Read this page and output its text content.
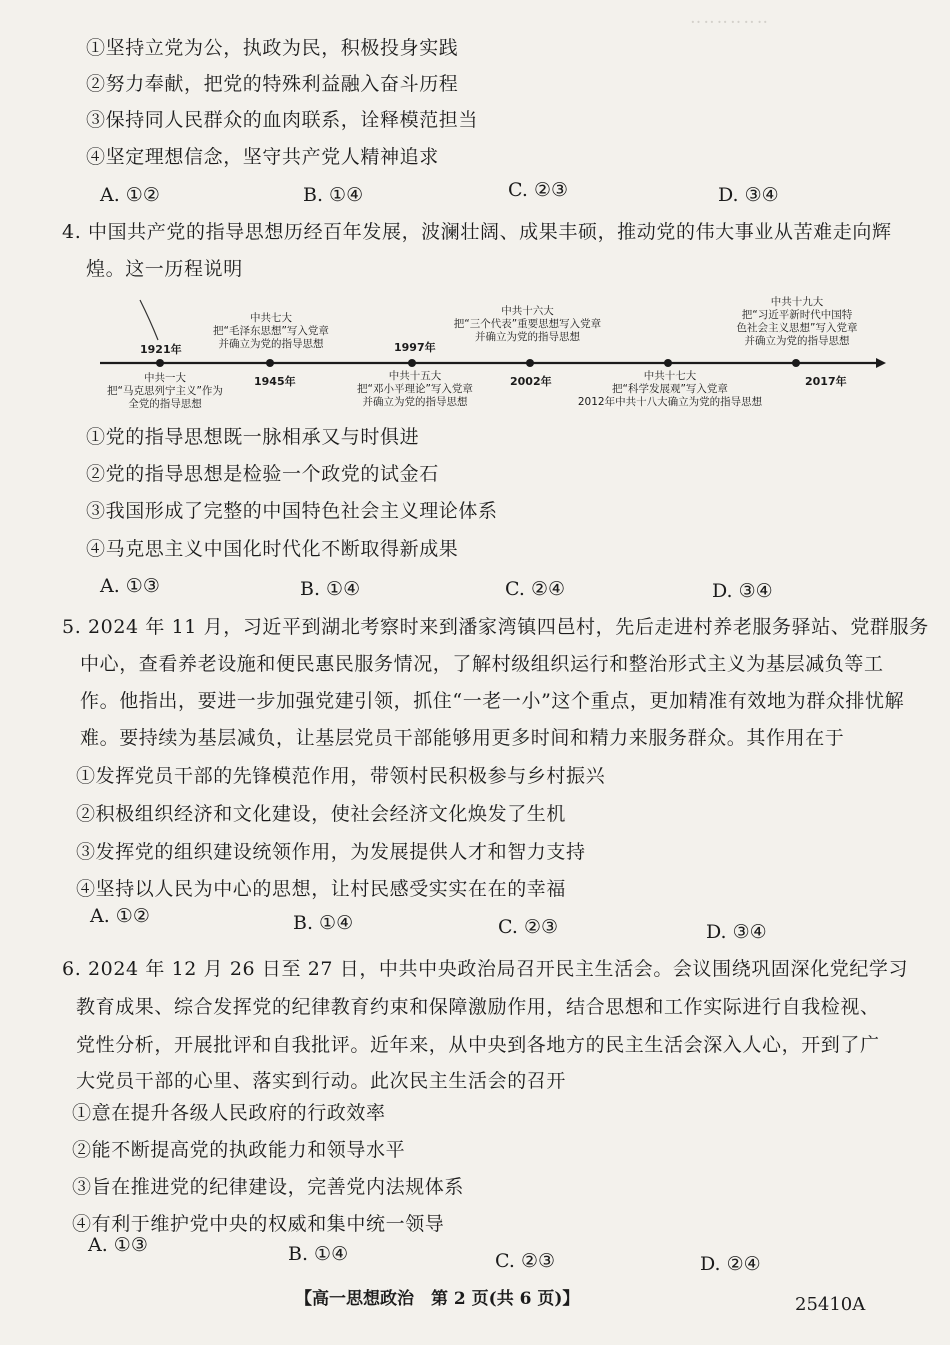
‥‥‥‥‥‥
①坚持立党为公，执政为民，积极投身实践
②努力奉献，把党的特殊利益融入奋斗历程
③保持同人民群众的血肉联系，诠释模范担当
④坚定理想信念，坚守共产党人精神追求
A. ①②	B. ①④	C. ②③	D. ③④
4. 中国共产党的指导思想历经百年发展，波澜壮阔、成果丰硕，推动党的伟大事业从苦难走向辉
煌。这一历程说明
1921年
1945年
1997年
2002年	2017年
中共七大
把“毛泽东思想”写入党章
并确立为党的指导思想
中共十六大
把“三个代表”重要思想写入党章
并确立为党的指导思想
中共十九大
把“习近平新时代中国特
色社会主义思想”写入党章
并确立为党的指导思想
中共一大
把“马克思列宁主义”作为
全党的指导思想
中共十五大
把“邓小平理论”写入党章
并确立为党的指导思想
中共十七大
把“科学发展观”写入党章
2012年中共十八大确立为党的指导思想
①党的指导思想既一脉相承又与时俱进
②党的指导思想是检验一个政党的试金石
③我国形成了完整的中国特色社会主义理论体系
④马克思主义中国化时代化不断取得新成果
A. ①③	B. ①④	C. ②④	D. ③④
5. 2024 年 11 月，习近平到湖北考察时来到潘家湾镇四邑村，先后走进村养老服务驿站、党群服务
中心，查看养老设施和便民惠民服务情况，了解村级组织运行和整治形式主义为基层减负等工
作。他指出，要进一步加强党建引领，抓住“一老一小”这个重点，更加精准有效地为群众排忧解
难。要持续为基层减负，让基层党员干部能够用更多时间和精力来服务群众。其作用在于
①发挥党员干部的先锋模范作用，带领村民积极参与乡村振兴
②积极组织经济和文化建设，使社会经济文化焕发了生机
③发挥党的组织建设统领作用，为发展提供人才和智力支持
④坚持以人民为中心的思想，让村民感受实实在在的幸福
A. ①②	B. ①④	C. ②③	D. ③④
6. 2024 年 12 月 26 日至 27 日，中共中央政治局召开民主生活会。会议围绕巩固深化党纪学习
教育成果、综合发挥党的纪律教育约束和保障激励作用，结合思想和工作实际进行自我检视、
党性分析，开展批评和自我批评。近年来，从中央到各地方的民主生活会深入人心，开到了广
大党员干部的心里、落实到行动。此次民主生活会的召开
①意在提升各级人民政府的行政效率
②能不断提高党的执政能力和领导水平
③旨在推进党的纪律建设，完善党内法规体系
④有利于维护党中央的权威和集中统一领导
A. ①③	B. ①④	C. ②③	D. ②④
【高一思想政治　第 2 页(共 6 页)】	25410A
